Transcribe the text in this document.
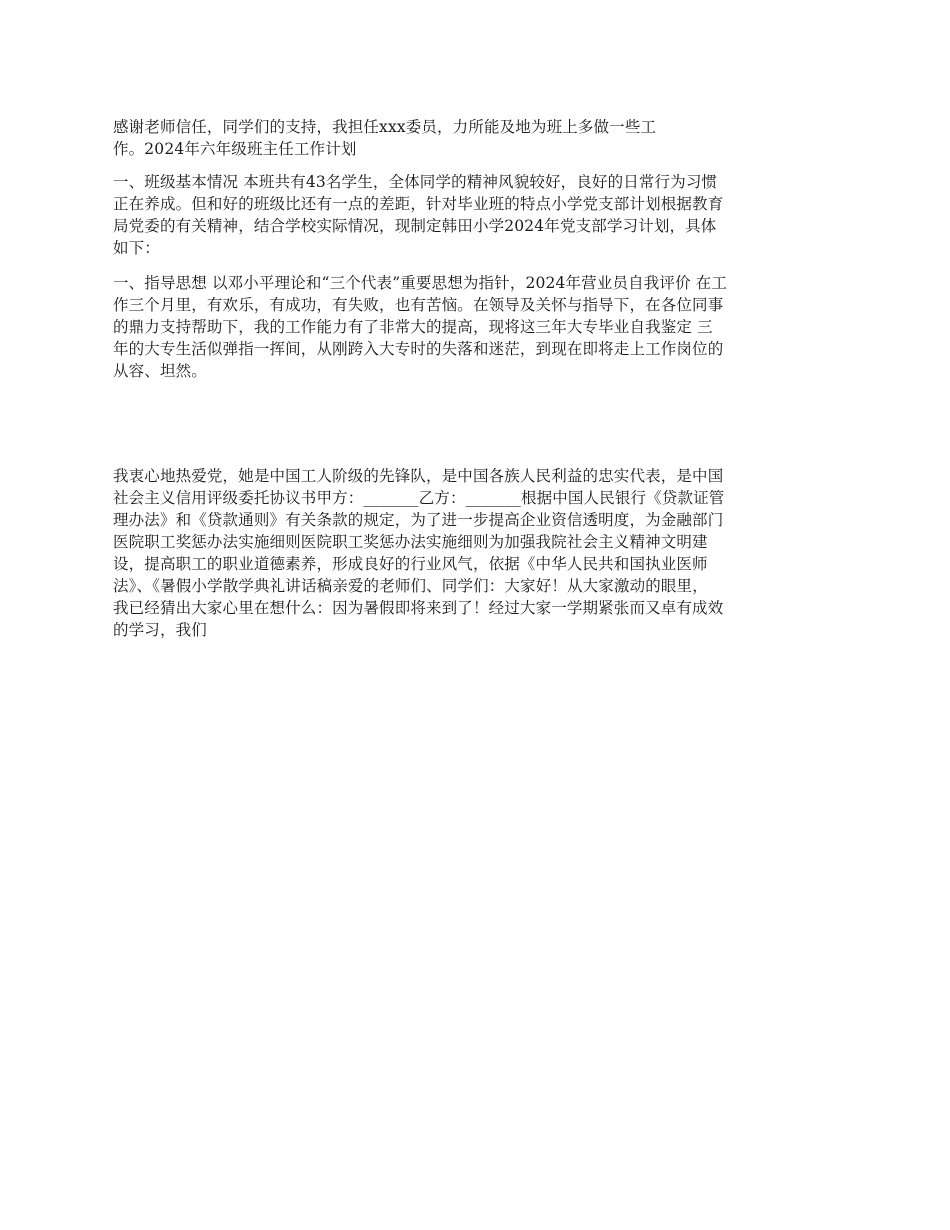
感谢老师信任，同学们的支持，我担任xxx委员，力所能及地为班上多做一些工
作。2024年六年级班主任工作计划

一、班级基本情况 本班共有43名学生，全体同学的精神风貌较好，良好的日常行为习惯
正在养成。但和好的班级比还有一点的差距，针对毕业班的特点小学党支部计划根据教育
局党委的有关精神，结合学校实际情况，现制定韩田小学2024年党支部学习计划，具体
如下：

一、指导思想 以邓小平理论和“三个代表”重要思想为指针，2024年营业员自我评价 在工
作三个月里，有欢乐，有成功，有失败，也有苦恼。在领导及关怀与指导下，在各位同事
的鼎力支持帮助下，我的工作能力有了非常大的提高，现将这三年大专毕业自我鉴定 三
年的大专生活似弹指一挥间，从刚跨入大专时的失落和迷茫，到现在即将走上工作岗位的
从容、坦然。

我衷心地热爱党，她是中国工人阶级的先锋队，是中国各族人民利益的忠实代表，是中国
社会主义信用评级委托协议书甲方：_______乙方：_______根据中国人民银行《贷款证管
理办法》和《贷款通则》有关条款的规定，为了进一步提高企业资信透明度，为金融部门
医院职工奖惩办法实施细则医院职工奖惩办法实施细则为加强我院社会主义精神文明建
设，提高职工的职业道德素养，形成良好的行业风气，依据《中华人民共和国执业医师
法》、《暑假小学散学典礼讲话稿亲爱的老师们、同学们：大家好！从大家激动的眼里，
我已经猜出大家心里在想什么：因为暑假即将来到了！经过大家一学期紧张而又卓有成效
的学习，我们
